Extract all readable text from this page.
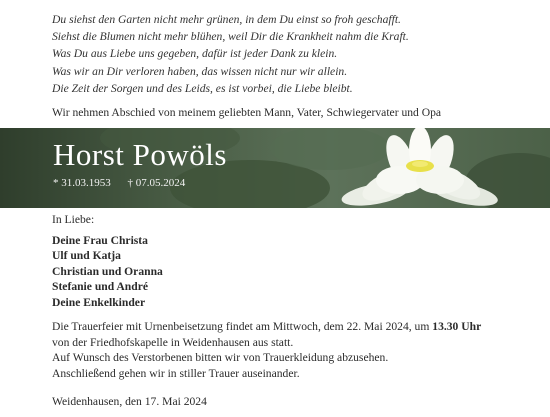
Du siehst den Garten nicht mehr grünen, in dem Du einst so froh geschafft.
Siehst die Blumen nicht mehr blühen, weil Dir die Krankheit nahm die Kraft.
Was Du aus Liebe uns gegeben, dafür ist jeder Dank zu klein.
Was wir an Dir verloren haben, das wissen nicht nur wir allein.
Die Zeit der Sorgen und des Leids, es ist vorbei, die Liebe bleibt.
Wir nehmen Abschied von meinem geliebten Mann, Vater, Schwiegervater und Opa
Horst Powöls
* 31.03.1953 † 07.05.2024
In Liebe:
Deine Frau Christa
Ulf und Katja
Christian und Oranna
Stefanie und André
Deine Enkelkinder
Die Trauerfeier mit Urnenbeisetzung findet am Mittwoch, dem 22. Mai 2024, um 13.30 Uhr
von der Friedhofskapelle in Weidenhausen aus statt.
Auf Wunsch des Verstorbenen bitten wir von Trauerkleidung abzusehen.
Anschließend gehen wir in stiller Trauer auseinander.
Weidenhausen, den 17. Mai 2024
